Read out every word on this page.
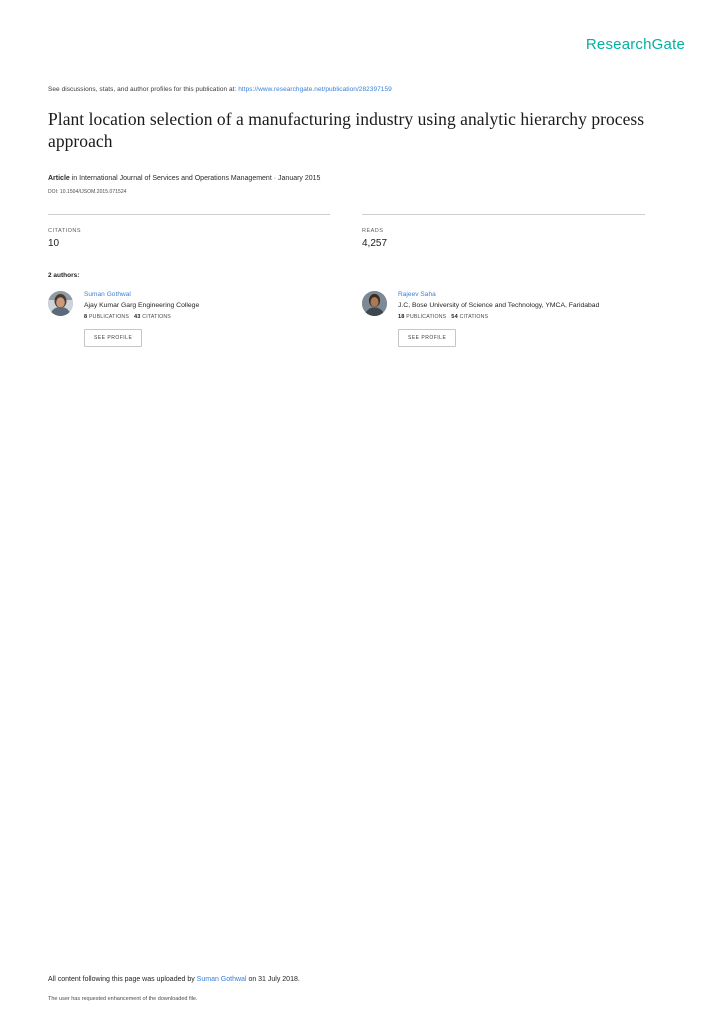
ResearchGate
See discussions, stats, and author profiles for this publication at: https://www.researchgate.net/publication/282397159
Plant location selection of a manufacturing industry using analytic hierarchy process approach
Article in International Journal of Services and Operations Management · January 2015
DOI: 10.1504/IJSOM.2015.071524
CITATIONS
10
READS
4,257
2 authors:
Suman Gothwal
Ajay Kumar Garg Engineering College
8 PUBLICATIONS 43 CITATIONS
SEE PROFILE
Rajeev Saha
J.C, Bose University of Science and Technology, YMCA, Faridabad
18 PUBLICATIONS 54 CITATIONS
SEE PROFILE
All content following this page was uploaded by Suman Gothwal on 31 July 2018.
The user has requested enhancement of the downloaded file.
